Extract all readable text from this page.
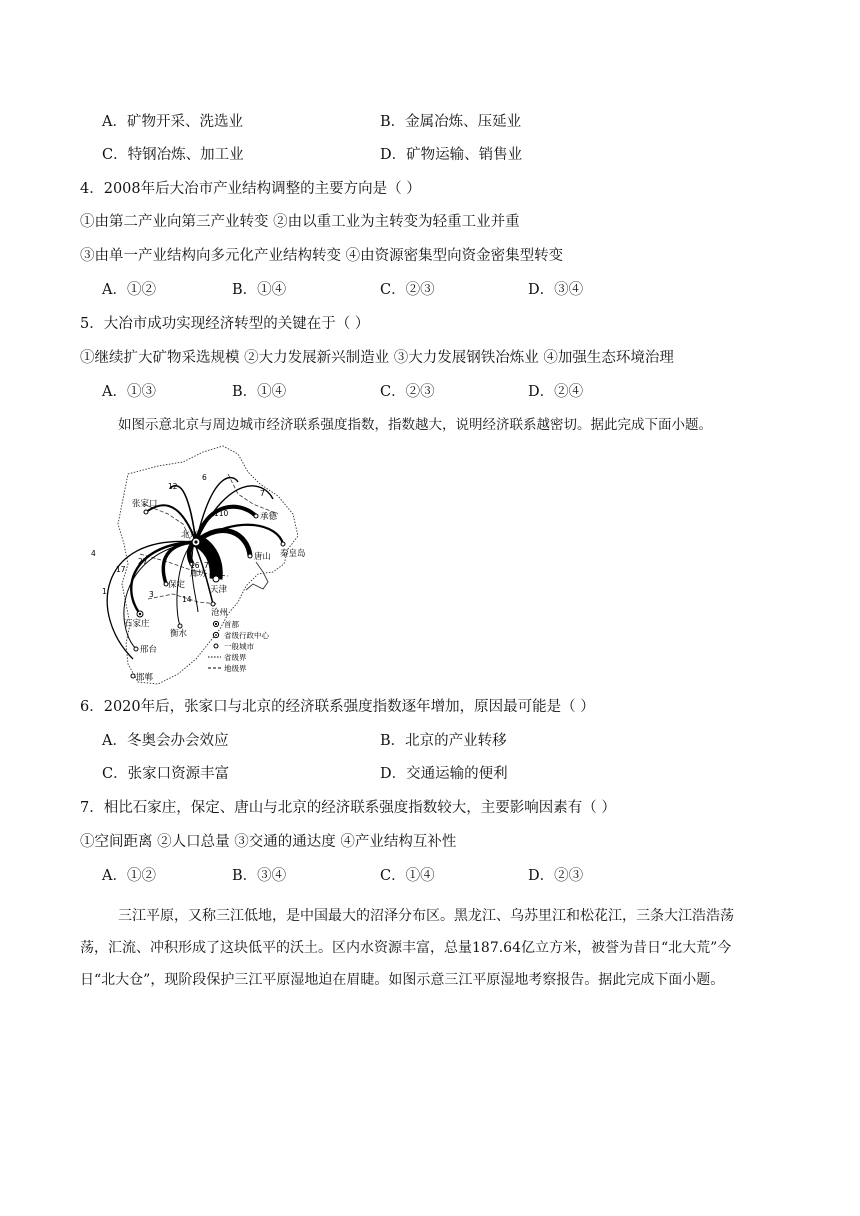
A．矿物开采、洗选业	B．金属冶炼、压延业
C．特钢冶炼、加工业	D．矿物运输、销售业
4．2008年后大冶市产业结构调整的主要方向是（ ）
①由第二产业向第三产业转变 ②由以重工业为主转变为轻重工业并重
③由单一产业结构向多元化产业结构转变 ④由资源密集型向资金密集型转变
A．①②	B．①④	C．②③	D．③④
5．大冶市成功实现经济转型的关键在于（ ）
①继续扩大矿物采选规模 ②大力发展新兴制造业 ③大力发展钢铁冶炼业 ④加强生态环境治理
A．①③	B．①④	C．②③	D．②④
如图示意北京与周边城市经济联系强度指数，指数越大，说明经济联系越密切。据此完成下面小题。
张家口
承德
北京
秦皇岛
唐山
廊坊
天津
保定
沧州
石家庄
衡水
邢台
邯郸
12
6
7
110
27
4
17	16 736
1	3
14
首都
省级行政中心
一般城市
省级界
地级界
6．2020年后，张家口与北京的经济联系强度指数逐年增加，原因最可能是（ ）
A．冬奥会办会效应	B．北京的产业转移
C．张家口资源丰富	D．交通运输的便利
7．相比石家庄，保定、唐山与北京的经济联系强度指数较大，主要影响因素有（ ）
①空间距离 ②人口总量 ③交通的通达度 ④产业结构互补性
A．①②	B．③④	C．①④	D．②③
三江平原，又称三江低地，是中国最大的沼泽分布区。黑龙江、乌苏里江和松花江，三条大江浩浩荡
荡，汇流、冲积形成了这块低平的沃土。区内水资源丰富，总量187.64亿立方米，被誉为昔日“北大荒”今
日“北大仓”，现阶段保护三江平原湿地迫在眉睫。如图示意三江平原湿地考察报告。据此完成下面小题。
